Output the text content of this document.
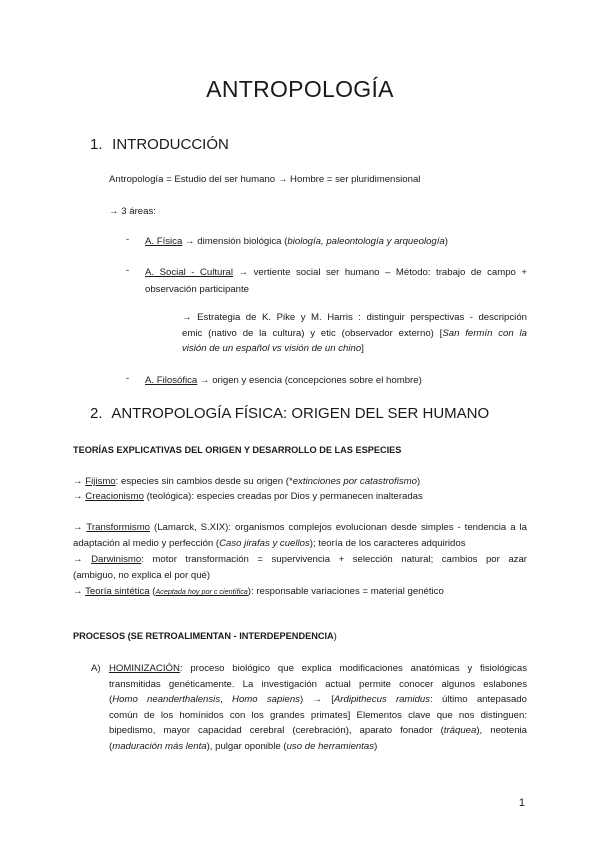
ANTROPOLOGÍA
1. INTRODUCCIÓN
Antropología = Estudio del ser humano → Hombre = ser pluridimensional
→ 3 áreas:
- A. Física → dimensión biológica (biología, paleontología y arqueología)
- A. Social - Cultural → vertiente social ser humano – Método: trabajo de campo +
observación participante
→ Estrategia de K. Pike y M. Harris : distinguir perspectivas - descripción
emic (nativo de la cultura) y etic (observador externo) [San fermín con la
visión de un español vs visión de un chino]
- A. Filosófica → origen y esencia (concepciones sobre el hombre)
2. ANTROPOLOGÍA FÍSICA: ORIGEN DEL SER HUMANO
TEORÍAS EXPLICATIVAS DEL ORIGEN Y DESARROLLO DE LAS ESPECIES
→ Fijismo: especies sin cambios desde su origen (*extinciones por catastrofismo)
→ Creacionismo (teológica): especies creadas por Dios y permanecen inalteradas
→ Transformismo (Lamarck, S.XIX): organismos complejos evolucionan desde simples - tendencia a la
adaptación al medio y perfección (Caso jirafas y cuellos); teoría de los caracteres adquiridos
→ Darwinismo: motor transformación = supervivencia + selección natural; cambios por azar
(ambiguo, no explica el por qué)
→ Teoría sintética (Aceptada hoy por c científica): responsable variaciones = material genético
PROCESOS (SE RETROALIMENTAN - INTERDEPENDENCIA)
A) HOMINIZACIÓN: proceso biológico que explica modificaciones anatómicas y fisiológicas
transmitidas genéticamente. La investigación actual permite conocer algunos eslabones
(Homo neanderthalensis, Homo sapiens) → [Ardipithecus ramidus: último antepasado
común de los homínidos con los grandes primates] Elementos clave que nos distinguen:
bipedismo, mayor capacidad cerebral (cerebración), aparato fonador (tráquea), neotenia
(maduración más lenta), pulgar oponible (uso de herramientas)
1
